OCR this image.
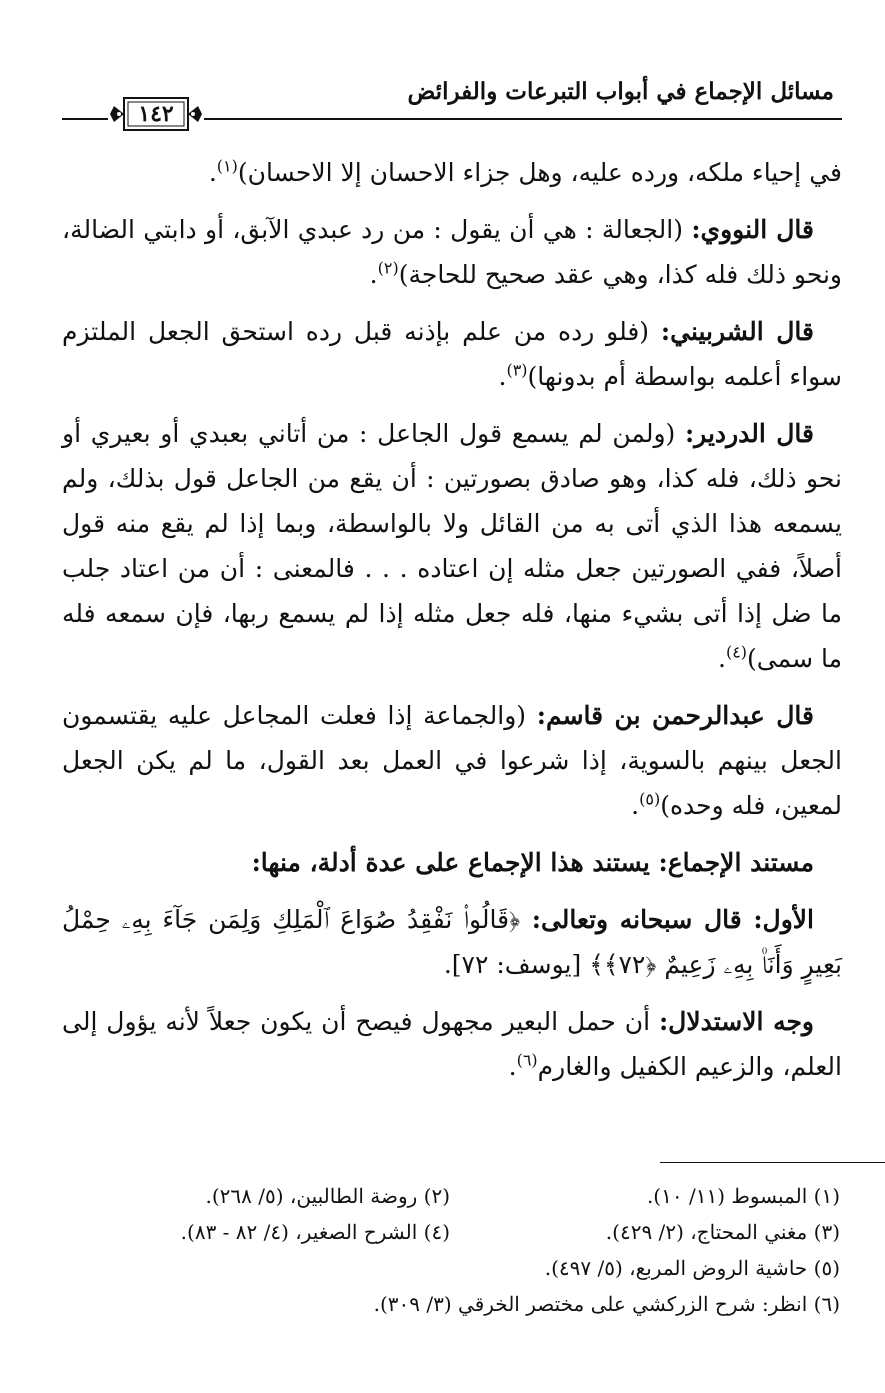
مسائل الإجماع في أبواب التبرعات والفرائض
١٤٢

في إحياء ملكه، ورده عليه، وهل جزاء الاحسان إلا الاحسان)$^{(١)}$.

قال النووي: (الجعالة : هي أن يقول : من رد عبدي الآبق، أو دابتي الضالة، ونحو ذلك فله كذا، وهي عقد صحيح للحاجة)$^{(٢)}$.

قال الشربيني: (فلو رده من علم بإذنه قبل رده استحق الجعل الملتزم سواء أعلمه بواسطة أم بدونها)$^{(٣)}$.

قال الدردير: (ولمن لم يسمع قول الجاعل : من أتاني بعبدي أو بعيري أو نحو ذلك، فله كذا، وهو صادق بصورتين : أن يقع من الجاعل قول بذلك، ولم يسمعه هذا الذي أتى به من القائل ولا بالواسطة، وبما إذا لم يقع منه قول أصلاً، ففي الصورتين جعل مثله إن اعتاده . . . فالمعنى : أن من اعتاد جلب ما ضل إذا أتى بشيء منها، فله جعل مثله إذا لم يسمع ربها، فإن سمعه فله ما سمى)$^{(٤)}$.

قال عبدالرحمن بن قاسم: (والجماعة إذا فعلت المجاعل عليه يقتسمون الجعل بينهم بالسوية، إذا شرعوا في العمل بعد القول، ما لم يكن الجعل لمعين، فله وحده)$^{(٥)}$.

مستند الإجماع: يستند هذا الإجماع على عدة أدلة، منها:

الأول: قال سبحانه وتعالى: ﴿قَالُوا۟ نَفْقِدُ صُوَاعَ ٱلْمَلِكِ وَلِمَن جَآءَ بِهِۦ حِمْلُ بَعِيرٍ وَأَنَا۠ بِهِۦ زَعِيمٌ ﴿٧٢﴾﴾ [يوسف: ٧٢].

وجه الاستدلال: أن حمل البعير مجهول فيصح أن يكون جعلاً لأنه يؤول إلى العلم، والزعيم الكفيل والغارم$^{(٦)}$.

(١) المبسوط (١١/ ١٠).
(٢) روضة الطالبين، (٥/ ٢٦٨).
(٣) مغني المحتاج، (٢/ ٤٢٩).
(٤) الشرح الصغير، (٤/ ٨٢ - ٨٣).
(٥) حاشية الروض المربع، (٥/ ٤٩٧).
(٦) انظر: شرح الزركشي على مختصر الخرقي (٣/ ٣٠٩).
